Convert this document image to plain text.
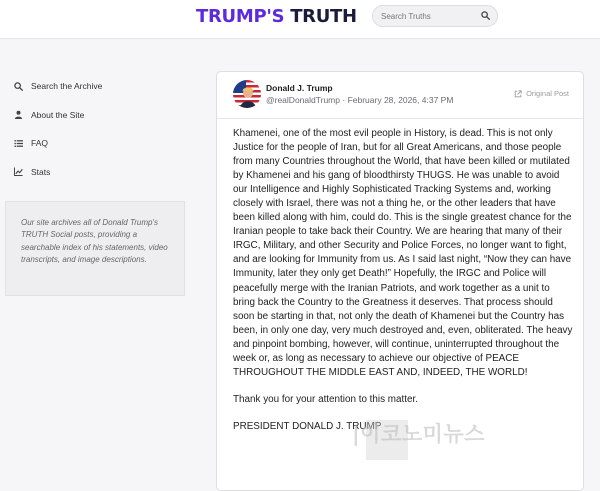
TRUMP'S TRUTH
Search Truths
Search the Archive
About the Site
FAQ
Stats

Our site archives all of Donald Trump's TRUTH Social posts, providing a searchable index of his statements, video transcripts, and image descriptions.

Donald J. Trump
@realDonaldTrump · February 28, 2026, 4:37 PM
Original Post

Khamenei, one of the most evil people in History, is dead. This is not only Justice for the people of Iran, but for all Great Americans, and those people from many Countries throughout the World, that have been killed or mutilated by Khamenei and his gang of bloodthirsty THUGS. He was unable to avoid our Intelligence and Highly Sophisticated Tracking Systems and, working closely with Israel, there was not a thing he, or the other leaders that have been killed along with him, could do. This is the single greatest chance for the Iranian people to take back their Country. We are hearing that many of their IRGC, Military, and other Security and Police Forces, no longer want to fight, and are looking for Immunity from us. As I said last night, “Now they can have Immunity, later they only get Death!” Hopefully, the IRGC and Police will peacefully merge with the Iranian Patriots, and work together as a unit to bring back the Country to the Greatness it deserves. That process should soon be starting in that, not only the death of Khamenei but the Country has been, in only one day, very much destroyed and, even, obliterated. The heavy and pinpoint bombing, however, will continue, uninterrupted throughout the week or, as long as necessary to achieve our objective of PEACE THROUGHOUT THE MIDDLE EAST AND, INDEED, THE WORLD!

Thank you for your attention to this matter.

PRESIDENT DONALD J. TRUMP

|이코노미뉴스
